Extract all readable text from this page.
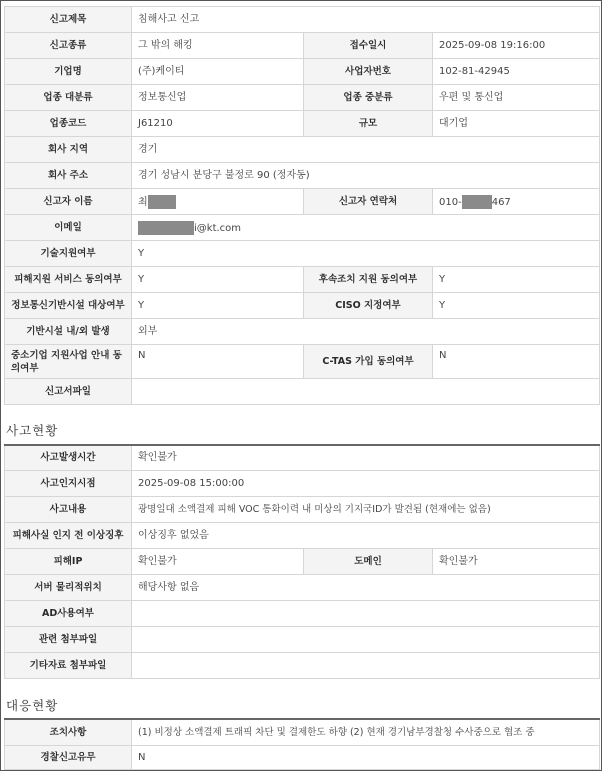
신고제목	침해사고 신고		
신고종류	그 밖의 해킹	접수일시	2025-09-08 19:16:00
기업명	(주)케이티	사업자번호	102-81-42945
업종 대분류	정보통신업	업종 중분류	우편 및 통신업
업종코드	J61210	규모	대기업
회사 지역	경기		
회사 주소	경기 성남시 분당구 불정로 90 (정자동)		
신고자 이름	최	신고자 연락처	010- 467
이메일	i@kt.com		
기술지원여부	Y		
피해지원 서비스 동의여부	Y	후속조치 지원 동의여부	Y
정보통신기반시설 대상여부	Y	CISO 지정여부	Y
기반시설 내/외 발생	외부		
중소기업 지원사업 안내 동의여부	N	C-TAS 가입 동의여부	N
신고서파일			
사고현황
사고발생시간	확인불가		
사고인지시점	2025-09-08 15:00:00		
사고내용	광명일대 소액결제 피해 VOC 통화이력 내 미상의 기지국ID가 발견됨 (현재에는 없음)		
피해사실 인지 전 이상징후	이상징후 없었음		
피해IP	확인불가	도메인	확인불가
서버 물리적위치	해당사항 없음		
AD사용여부			
관련 첨부파일			
기타자료 첨부파일			
대응현황
조치사항	(1) 비정상 소액결제 트래픽 차단 및 결제한도 하향 (2) 현재 경기남부경찰청 수사중으로 협조 중
경찰신고유무	N
